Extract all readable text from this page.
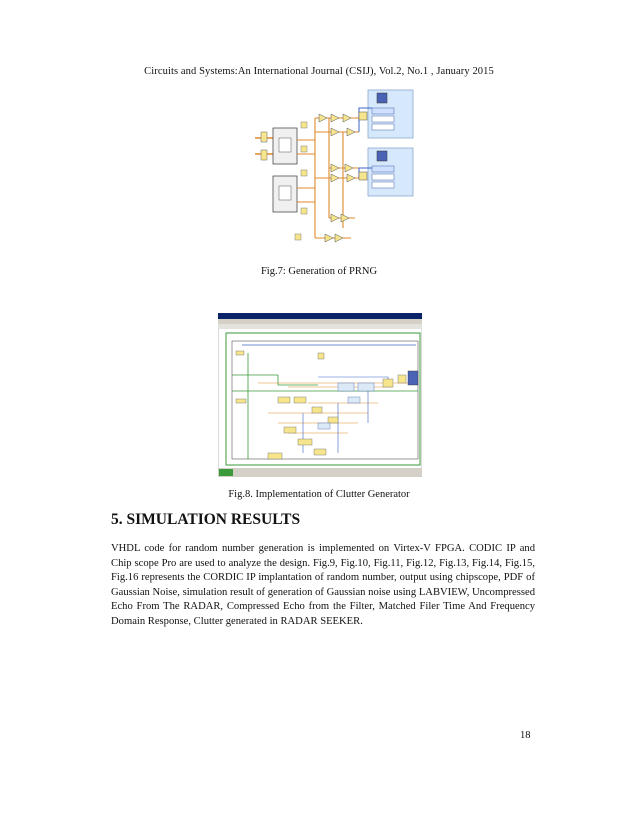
Circuits and Systems:An International Journal (CSIJ), Vol.2, No.1 , January 2015
Fig.7: Generation of PRNG
Fig.8. Implementation of Clutter Generator
5. SIMULATION RESULTS

VHDL code for random number generation is implemented on Virtex-V FPGA. CODIC IP and Chip scope Pro are used to analyze the design. Fig.9, Fig.10, Fig.11, Fig.12, Fig.13, Fig.14, Fig.15, Fig.16 represents the CORDIC IP implantation of random number, output using chipscope, PDF of Gaussian Noise, simulation result of generation of Gaussian noise using LABVIEW, Uncompressed Echo From The RADAR, Compressed Echo from the Filter, Matched Filer Time And Frequency Domain Response, Clutter generated in RADAR SEEKER.

18
